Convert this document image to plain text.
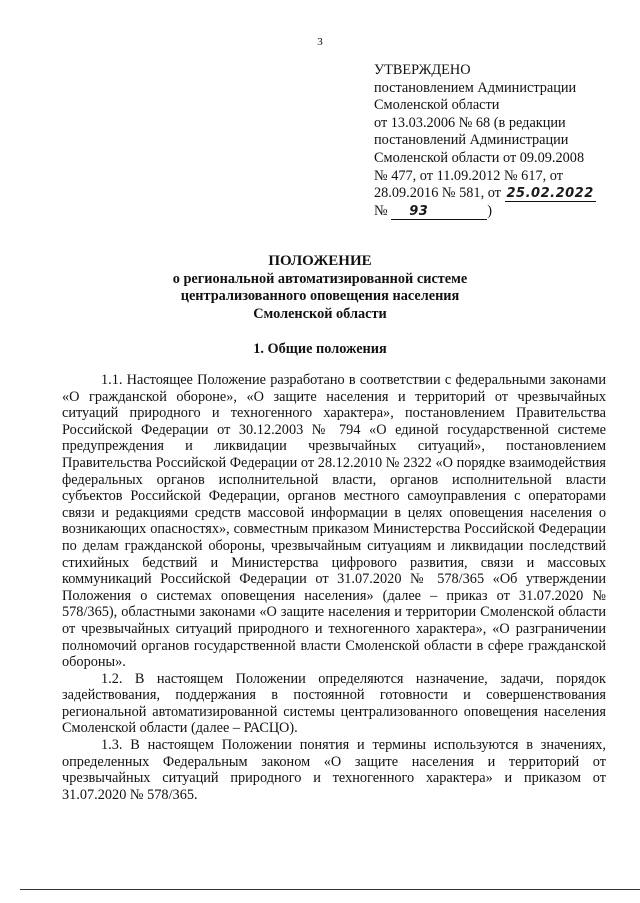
3
УТВЕРЖДЕНО
постановлением Администрации
Смоленской области
от 13.03.2006 № 68 (в редакции
постановлений Администрации
Смоленской области от 09.09.2008
№ 477, от 11.09.2012 № 617, от
28.09.2016 № 581, от 25.02.2022
№ 93	)
ПОЛОЖЕНИЕ
о региональной автоматизированной системе
централизованного оповещения населения
Смоленской области
1. Общие положения

1.1. Настоящее Положение разработано в соответствии с федеральными законами «О гражданской обороне», «О защите населения и территорий от чрезвычайных ситуаций природного и техногенного характера», постановлением Правительства Российской Федерации от 30.12.2003 № 794 «О единой государственной системе предупреждения и ликвидации чрезвычайных ситуаций», постановлением Правительства Российской Федерации от 28.12.2010 № 2322 «О порядке взаимодействия федеральных органов исполнительной власти, органов исполнительной власти субъектов Российской Федерации, органов местного самоуправления с операторами связи и редакциями средств массовой информации в целях оповещения населения о возникающих опасностях», совместным приказом Министерства Российской Федерации по делам гражданской обороны, чрезвычайным ситуациям и ликвидации последствий стихийных бедствий и Министерства цифрового развития, связи и массовых коммуникаций Российской Федерации от 31.07.2020 № 578/365 «Об утверждении Положения о системах оповещения населения» (далее – приказ от 31.07.2020 № 578/365), областными законами «О защите населения и территории Смоленской области от чрезвычайных ситуаций природного и техногенного характера», «О разграничении полномочий органов государственной власти Смоленской области в сфере гражданской обороны».

1.2. В настоящем Положении определяются назначение, задачи, порядок задействования, поддержания в постоянной готовности и совершенствования региональной автоматизированной системы централизованного оповещения населения Смоленской области (далее – РАСЦО).

1.3. В настоящем Положении понятия и термины используются в значениях, определенных Федеральным законом «О защите населения и территорий от чрезвычайных ситуаций природного и техногенного характера» и приказом от 31.07.2020 № 578/365.
